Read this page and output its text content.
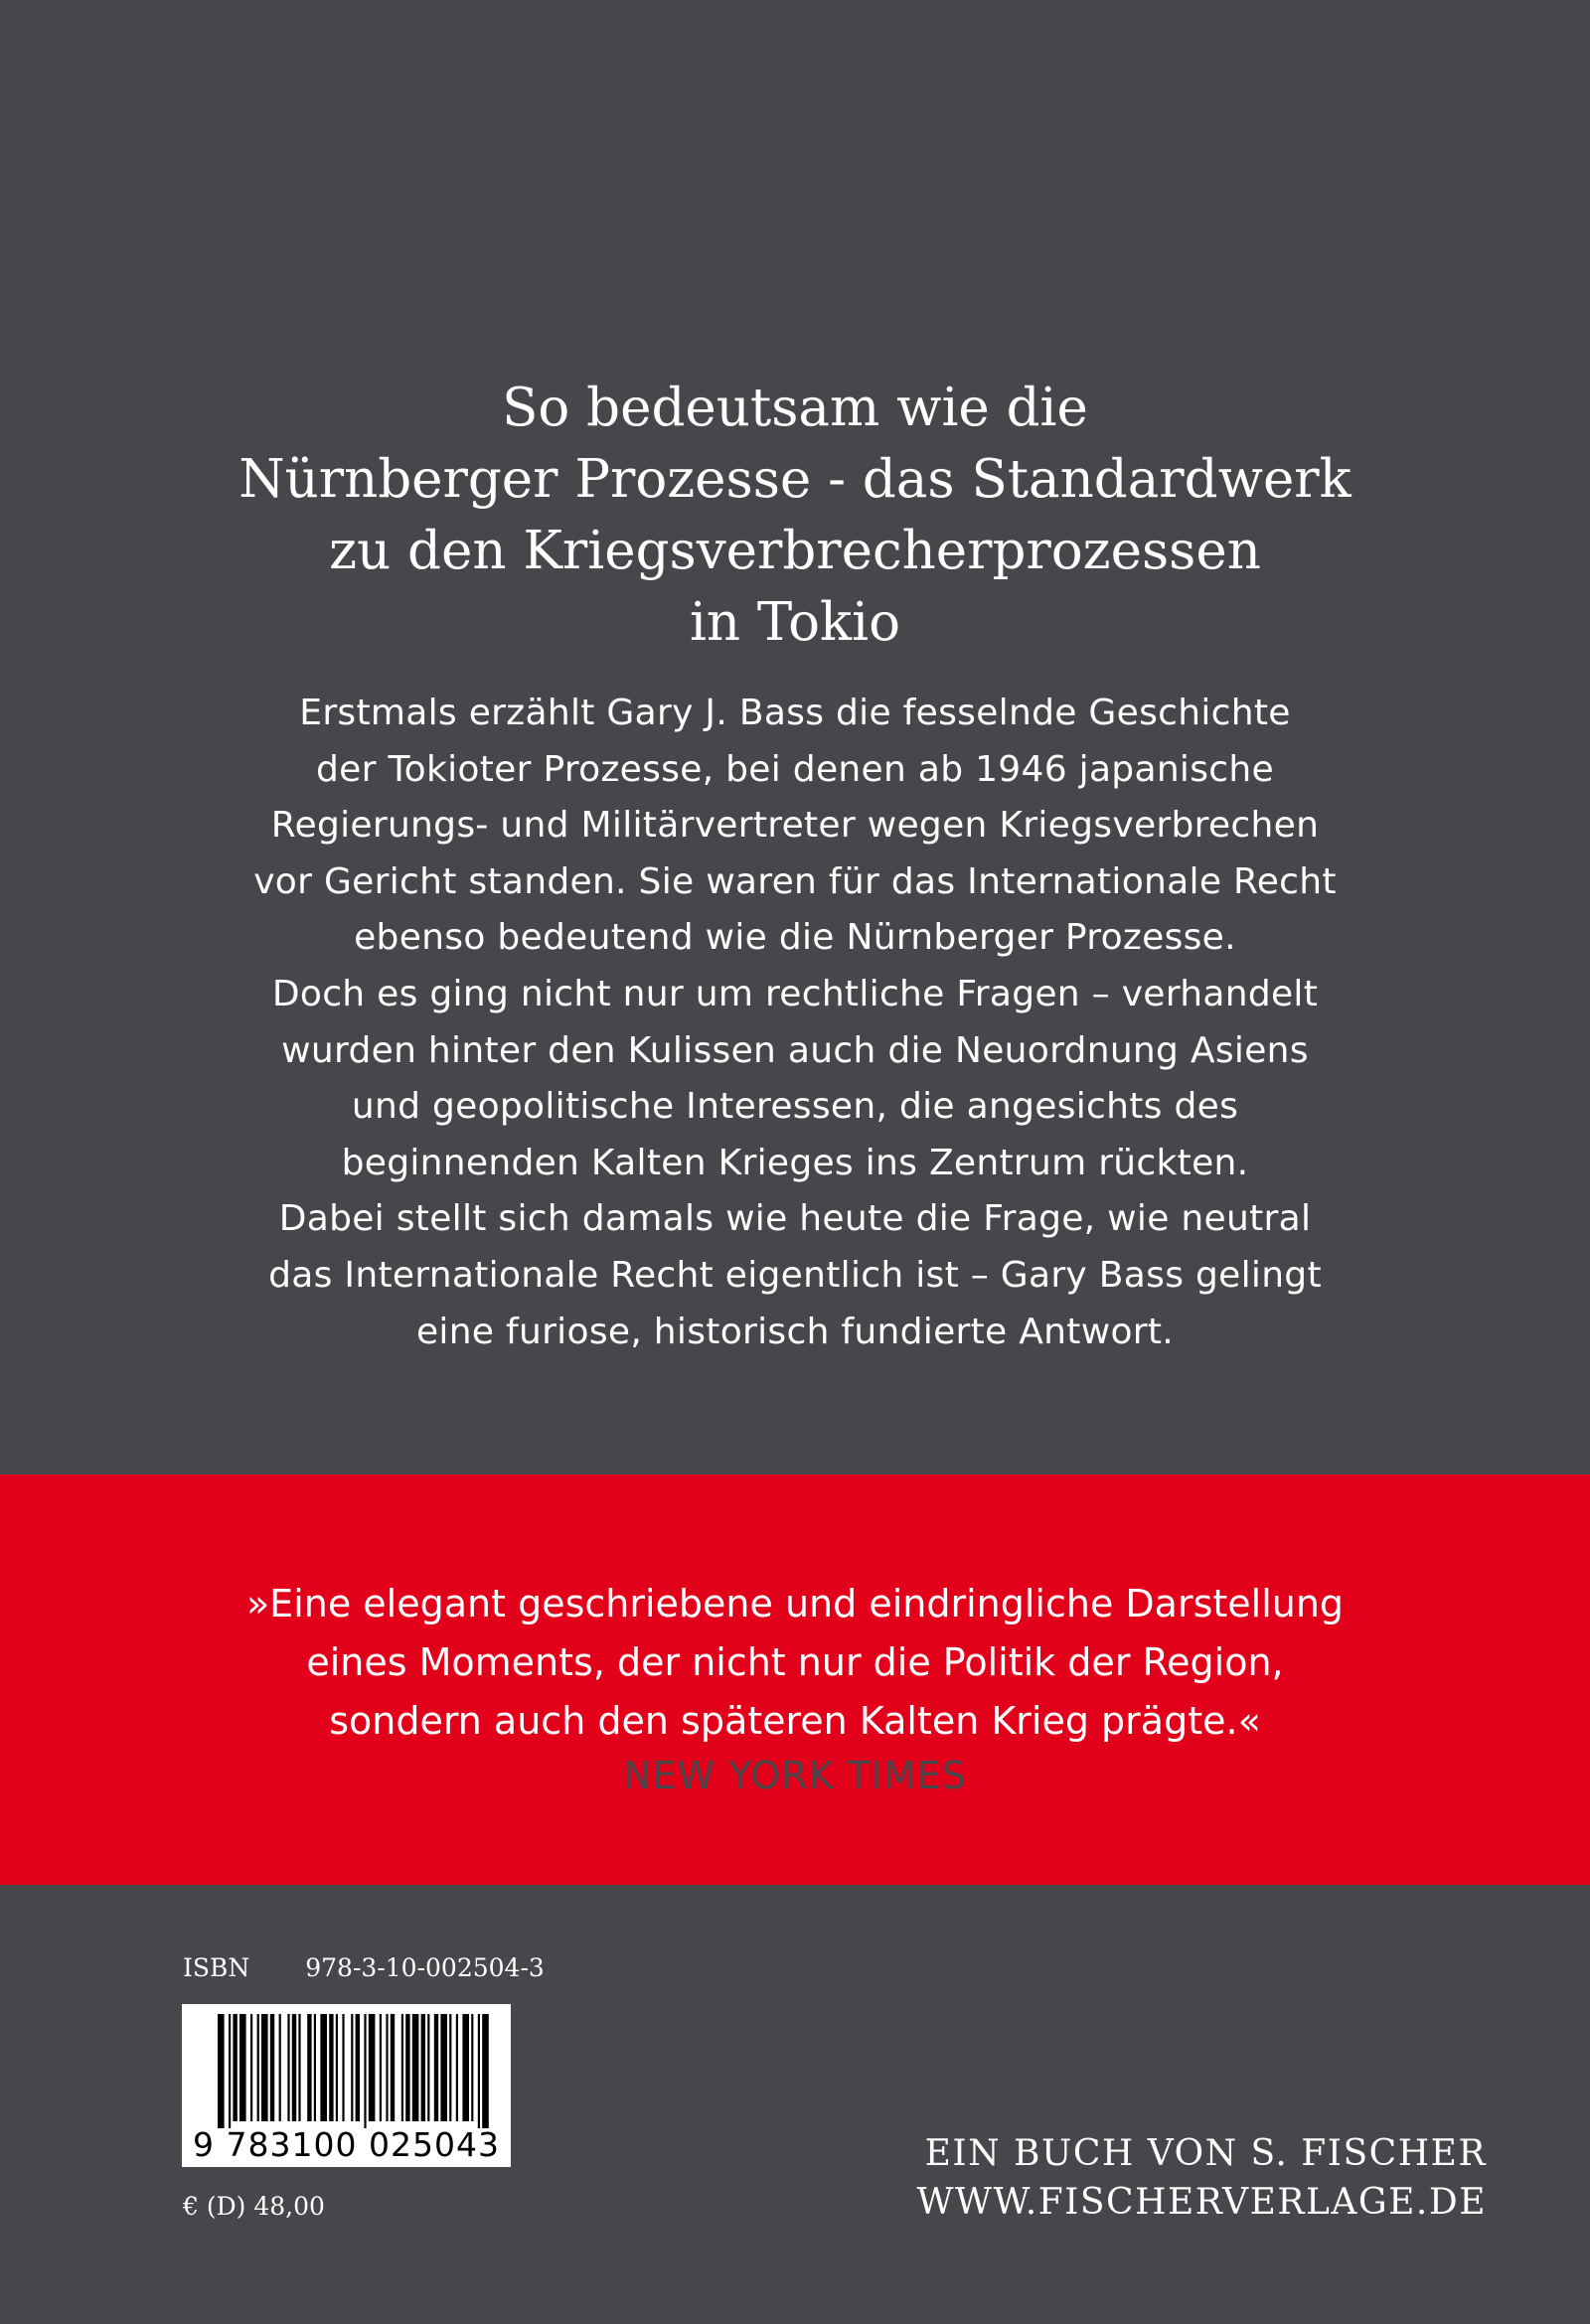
So bedeutsam wie die
Nürnberger Prozesse - das Standardwerk
zu den Kriegsverbrecherprozessen
in Tokio
Erstmals erzählt Gary J. Bass die fesselnde Geschichte
der Tokioter Prozesse, bei denen ab 1946 japanische
Regierungs- und Militärvertreter wegen Kriegsverbrechen
vor Gericht standen. Sie waren für das Internationale Recht
ebenso bedeutend wie die Nürnberger Prozesse.
Doch es ging nicht nur um rechtliche Fragen – verhandelt
wurden hinter den Kulissen auch die Neuordnung Asiens
und geopolitische Interessen, die angesichts des
beginnenden Kalten Krieges ins Zentrum rückten.
Dabei stellt sich damals wie heute die Frage, wie neutral
das Internationale Recht eigentlich ist – Gary Bass gelingt
eine furiose, historisch fundierte Antwort.
»Eine elegant geschriebene und eindringliche Darstellung
eines Moments, der nicht nur die Politik der Region,
sondern auch den späteren Kalten Krieg prägte.«
NEW YORK TIMES
ISBN 978-3-10-002504-3
9 783100 025043
€ (D) 48,00
EIN BUCH VON S. FISCHER
WWW.FISCHERVERLAGE.DE
